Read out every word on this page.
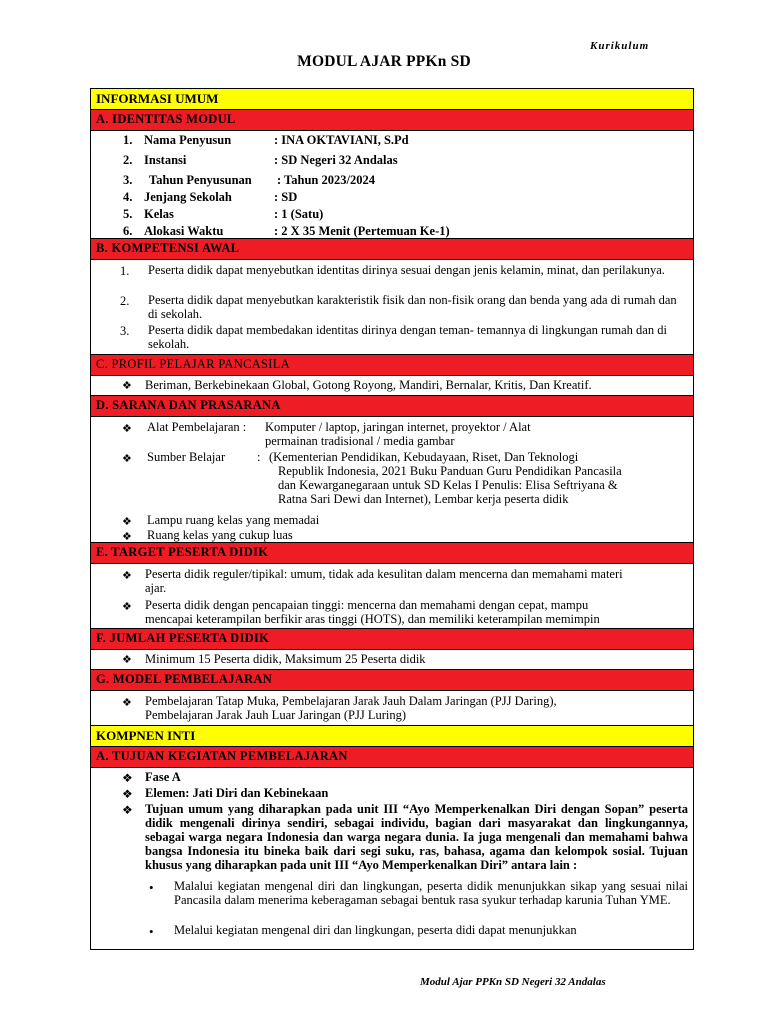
Kurikulum
MODUL AJAR PPKn SD
INFORMASI UMUM
A. IDENTITAS MODUL
1. Nama Penyusun	: INA OKTAVIANI, S.Pd
2. Instansi	: SD Negeri 32 Andalas
3. Tahun Penyusunan : Tahun 2023/2024
4. Jenjang Sekolah	: SD
5. Kelas	: 1 (Satu)
6. Alokasi Waktu	: 2 X 35 Menit (Pertemuan Ke-1)
B. KOMPETENSI AWAL
1. Peserta didik dapat menyebutkan identitas dirinya sesuai dengan jenis kelamin, minat, dan perilakunya.
2. Peserta didik dapat menyebutkan karakteristik fisik dan non-fisik orang dan benda yang ada di rumah dan di sekolah.
3. Peserta didik dapat membedakan identitas dirinya dengan teman- temannya di lingkungan rumah dan di sekolah.
C. PROFIL PELAJAR PANCASILA
❖ Beriman, Berkebinekaan Global, Gotong Royong, Mandiri, Bernalar, Kritis, Dan Kreatif.
D. SARANA DAN PRASARANA
❖ Alat Pembelajaran : Komputer / laptop, jaringan internet, proyektor / Alat
permainan tradisional / media gambar
❖ Sumber Belajar	: (Kementerian Pendidikan, Kebudayaan, Riset, Dan Teknologi
Republik Indonesia, 2021 Buku Panduan Guru Pendidikan Pancasila
dan Kewarganegaraan untuk SD Kelas I Penulis: Elisa Seftriyana &
Ratna Sari Dewi dan Internet), Lembar kerja peserta didik
❖ Lampu ruang kelas yang memadai
❖ Ruang kelas yang cukup luas
E. TARGET PESERTA DIDIK
❖ Peserta didik reguler/tipikal: umum, tidak ada kesulitan dalam mencerna dan memahami materi
ajar.
❖ Peserta didik dengan pencapaian tinggi: mencerna dan memahami dengan cepat, mampu
mencapai keterampilan berfikir aras tinggi (HOTS), dan memiliki keterampilan memimpin
F. JUMLAH PESERTA DIDIK
❖ Minimum 15 Peserta didik, Maksimum 25 Peserta didik
G. MODEL PEMBELAJARAN
❖ Pembelajaran Tatap Muka, Pembelajaran Jarak Jauh Dalam Jaringan (PJJ Daring),
Pembelajaran Jarak Jauh Luar Jaringan (PJJ Luring)
KOMPNEN INTI
A. TUJUAN KEGIATAN PEMBELAJARAN
❖ Fase A
❖ Elemen: Jati Diri dan Kebinekaan
❖ Tujuan umum yang diharapkan pada unit III “Ayo Memperkenalkan Diri dengan Sopan” peserta didik mengenali dirinya sendiri, sebagai individu, bagian dari masyarakat dan lingkungannya, sebagai warga negara Indonesia dan warga negara dunia. Ia juga mengenali dan memahami bahwa bangsa Indonesia itu bineka baik dari segi suku, ras, bahasa, agama dan kelompok sosial. Tujuan khusus yang diharapkan pada unit III “Ayo Memperkenalkan Diri” antara lain :
• Malalui kegiatan mengenal diri dan lingkungan, peserta didik menunjukkan sikap yang sesuai nilai Pancasila dalam menerima keberagaman sebagai bentuk rasa syukur terhadap karunia Tuhan YME.
• Melalui kegiatan mengenal diri dan lingkungan, peserta didi dapat menunjukkan
Modul Ajar PPKn SD Negeri 32 Andalas
